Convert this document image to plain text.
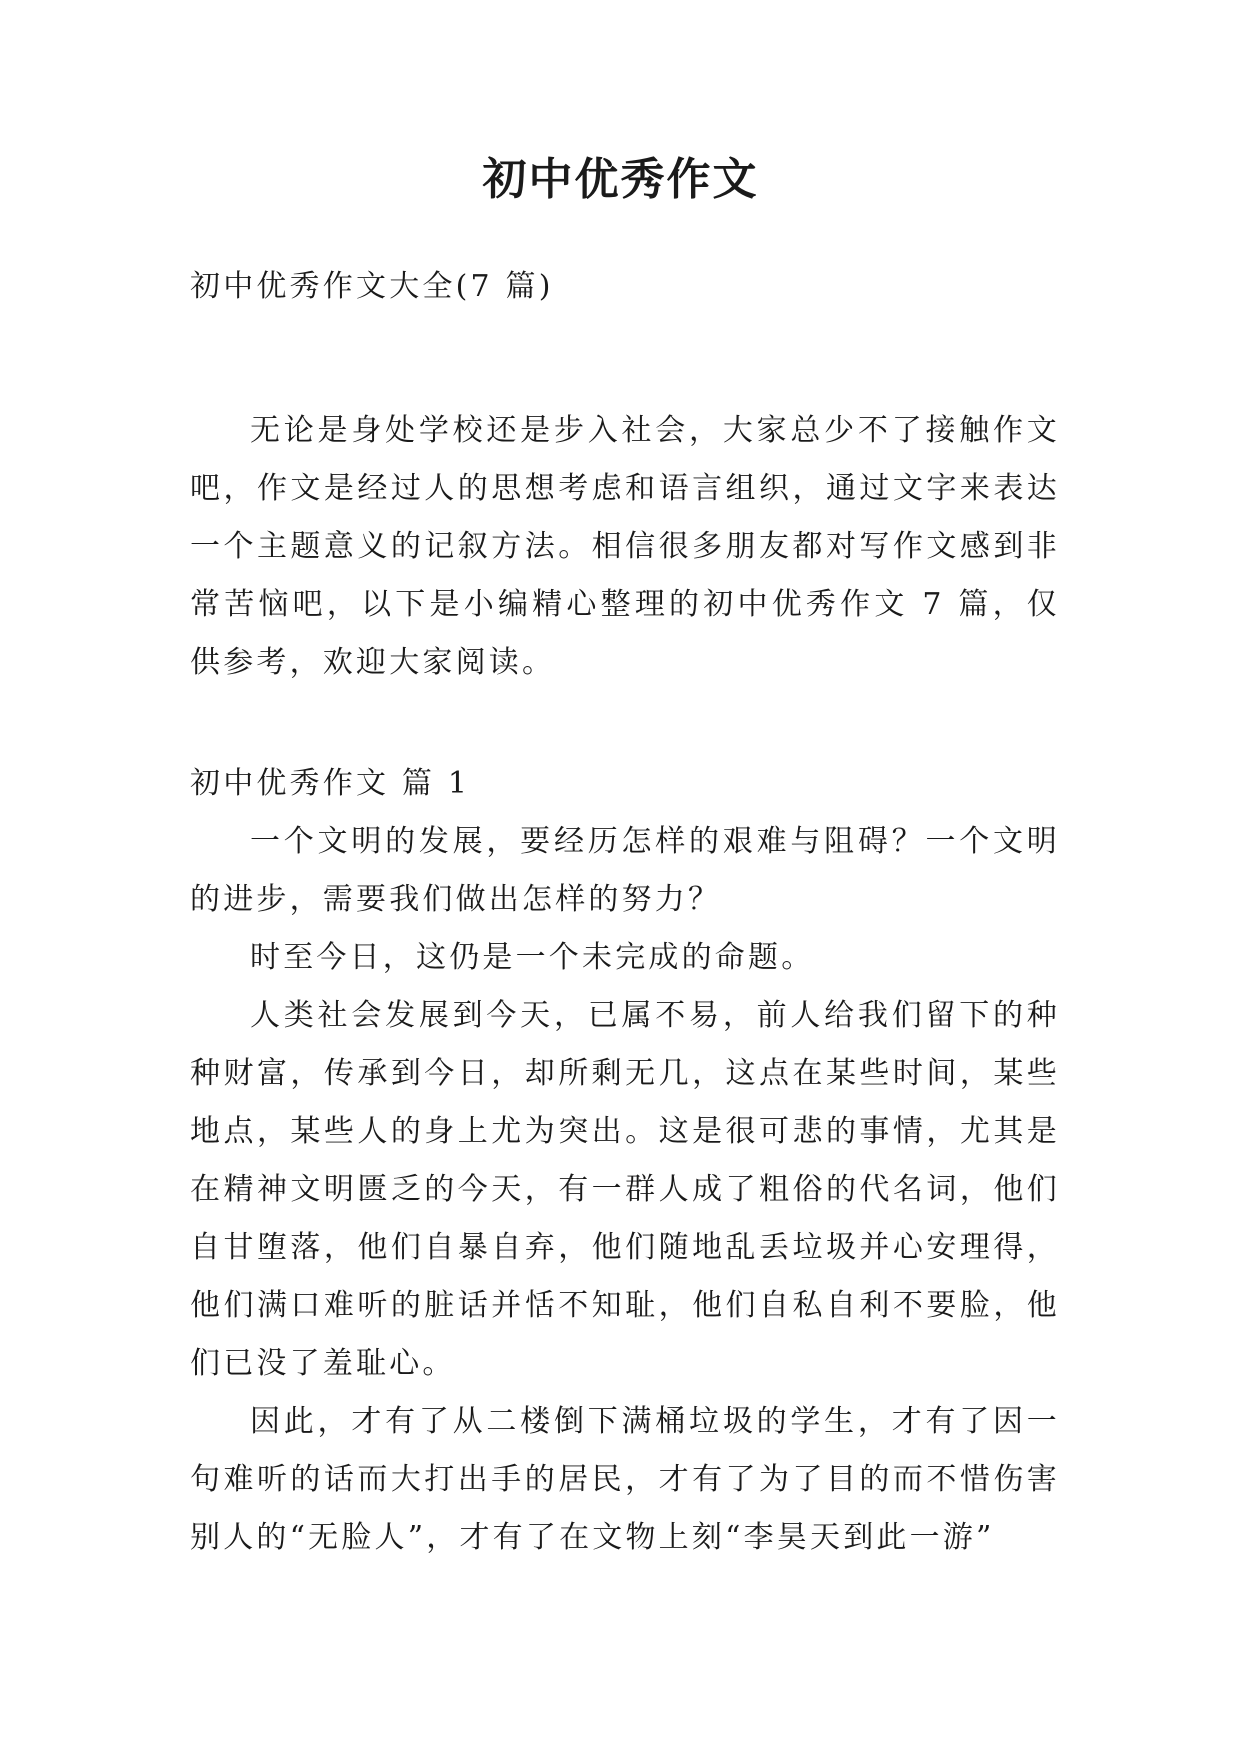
初中优秀作文

初中优秀作文大全(7 篇)

无论是身处学校还是步入社会，大家总少不了接触作文吧，作文是经过人的思想考虑和语言组织，通过文字来表达一个主题意义的记叙方法。相信很多朋友都对写作文感到非常苦恼吧，以下是小编精心整理的初中优秀作文 7 篇，仅供参考，欢迎大家阅读。

初中优秀作文 篇 1

一个文明的发展，要经历怎样的艰难与阻碍？一个文明的进步，需要我们做出怎样的努力？

时至今日，这仍是一个未完成的命题。

人类社会发展到今天，已属不易，前人给我们留下的种种财富，传承到今日，却所剩无几，这点在某些时间，某些地点，某些人的身上尤为突出。这是很可悲的事情，尤其是在精神文明匮乏的今天，有一群人成了粗俗的代名词，他们自甘堕落，他们自暴自弃，他们随地乱丢垃圾并心安理得，他们满口难听的脏话并恬不知耻，他们自私自利不要脸，他们已没了羞耻心。

因此，才有了从二楼倒下满桶垃圾的学生，才有了因一句难听的话而大打出手的居民，才有了为了目的而不惜伤害别人的“无脸人”，才有了在文物上刻“李昊天到此一游”
